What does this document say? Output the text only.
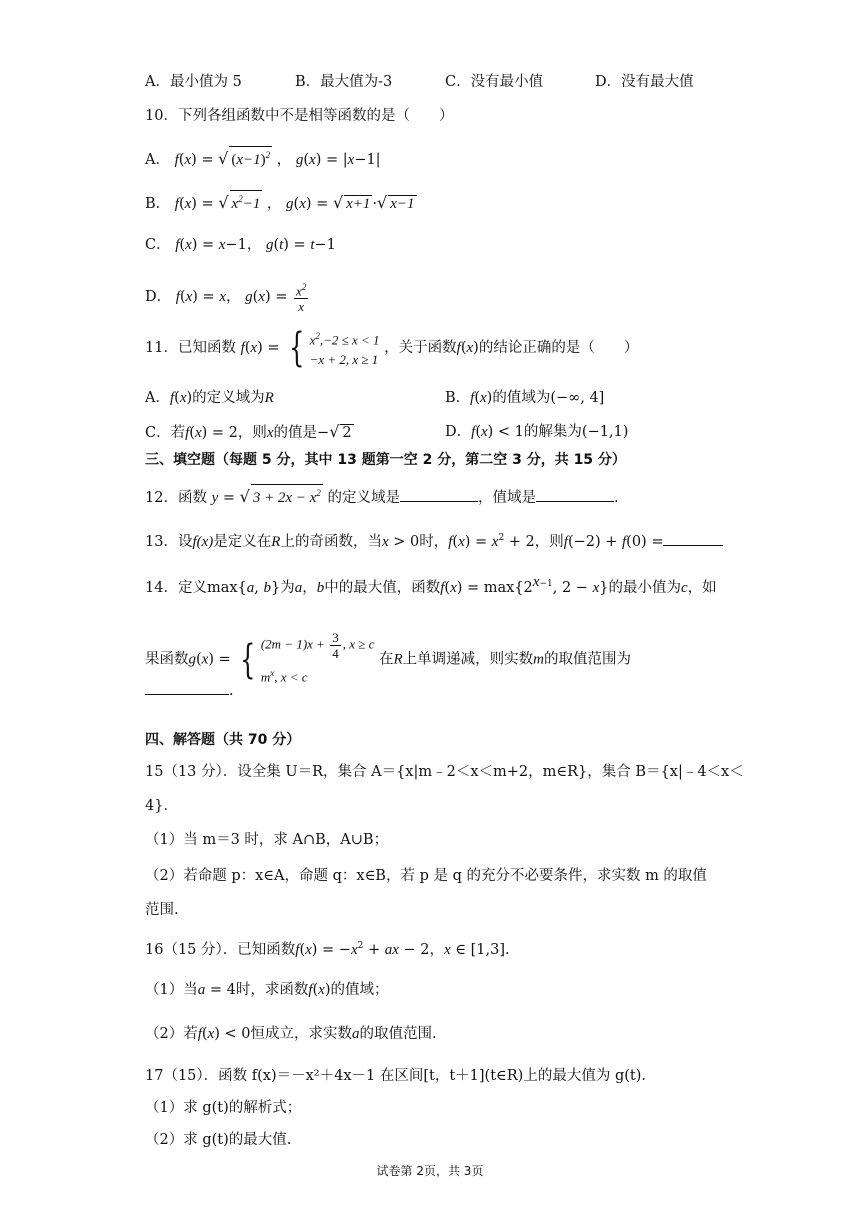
A．最小值为 5	B．最大值为-3	C．没有最小值	D．没有最大值
10．下列各组函数中不是相等函数的是（　　）
A． f(x) = √ $(x-1)^2$ ， g(x) = |x−1|
B． f(x) = √ $x^2-1$ ， g(x) = √ x+1 ·√ x−1
C． f(x) = x−1， g(t) = t−1
D． f(x) = x， $g(x) = \frac{x^2}{x}$
11．已知函数 f(x) = { $x^2,-2 \le x < 1$
−x + 2, x ≥ 1
，关于函数f(x)的结论正确的是（　　）
A．f(x)的定义域为R	B．f(x)的值域为(−∞, 4]
C．若f(x) = 2，则x的值是−√ 2	D．f(x) < 1的解集为(−1,1)
三、填空题（每题 5 分，其中 13 题第一空 2 分，第二空 3 分，共 15 分）
12．函数 y = √ $3 + 2x - x^2$ 的定义域是	，值域是	.
13．设f(x)是定义在R上的奇函数，当x > 0时，$f(x) = x^2 + 2$，则f(−2) + f(0) =
14．定义max{a, b}为a，b中的最大值，函数$f(x) = \max\{2^{x-1}$, 2 − x}的最小值为c，如
果函数g(x) = { $(2m - 1)x + \frac{3}{4}$ , x ≥ c
$m^x$, x < c
在R上单调递减，则实数m的取值范围为
.
四、解答题（共 70 分）
15（13 分）．设全集 U＝R，集合 A＝{x|m﹣2＜x＜m+2，m∈R}，集合 B＝{x|﹣4＜x＜
4}．
（1）当 m＝3 时，求 A∩B，A∪B；
（2）若命题 p：x∈A，命题 q：x∈B，若 p 是 q 的充分不必要条件，求实数 m 的取值
范围.
16（15 分）．已知函数$f(x) = -x^2$ + ax − 2，x ∈ [1,3].
（1）当a = 4时，求函数f(x)的值域；
（2）若f(x) < 0恒成立，求实数a的取值范围.
17（15）．函数 f(x)＝－x²＋4x－1 在区间[t，t＋1](t∈R)上的最大值为 g(t)．
（1）求 g(t)的解析式；
（2）求 g(t)的最大值.
试卷第 2页，共 3页
